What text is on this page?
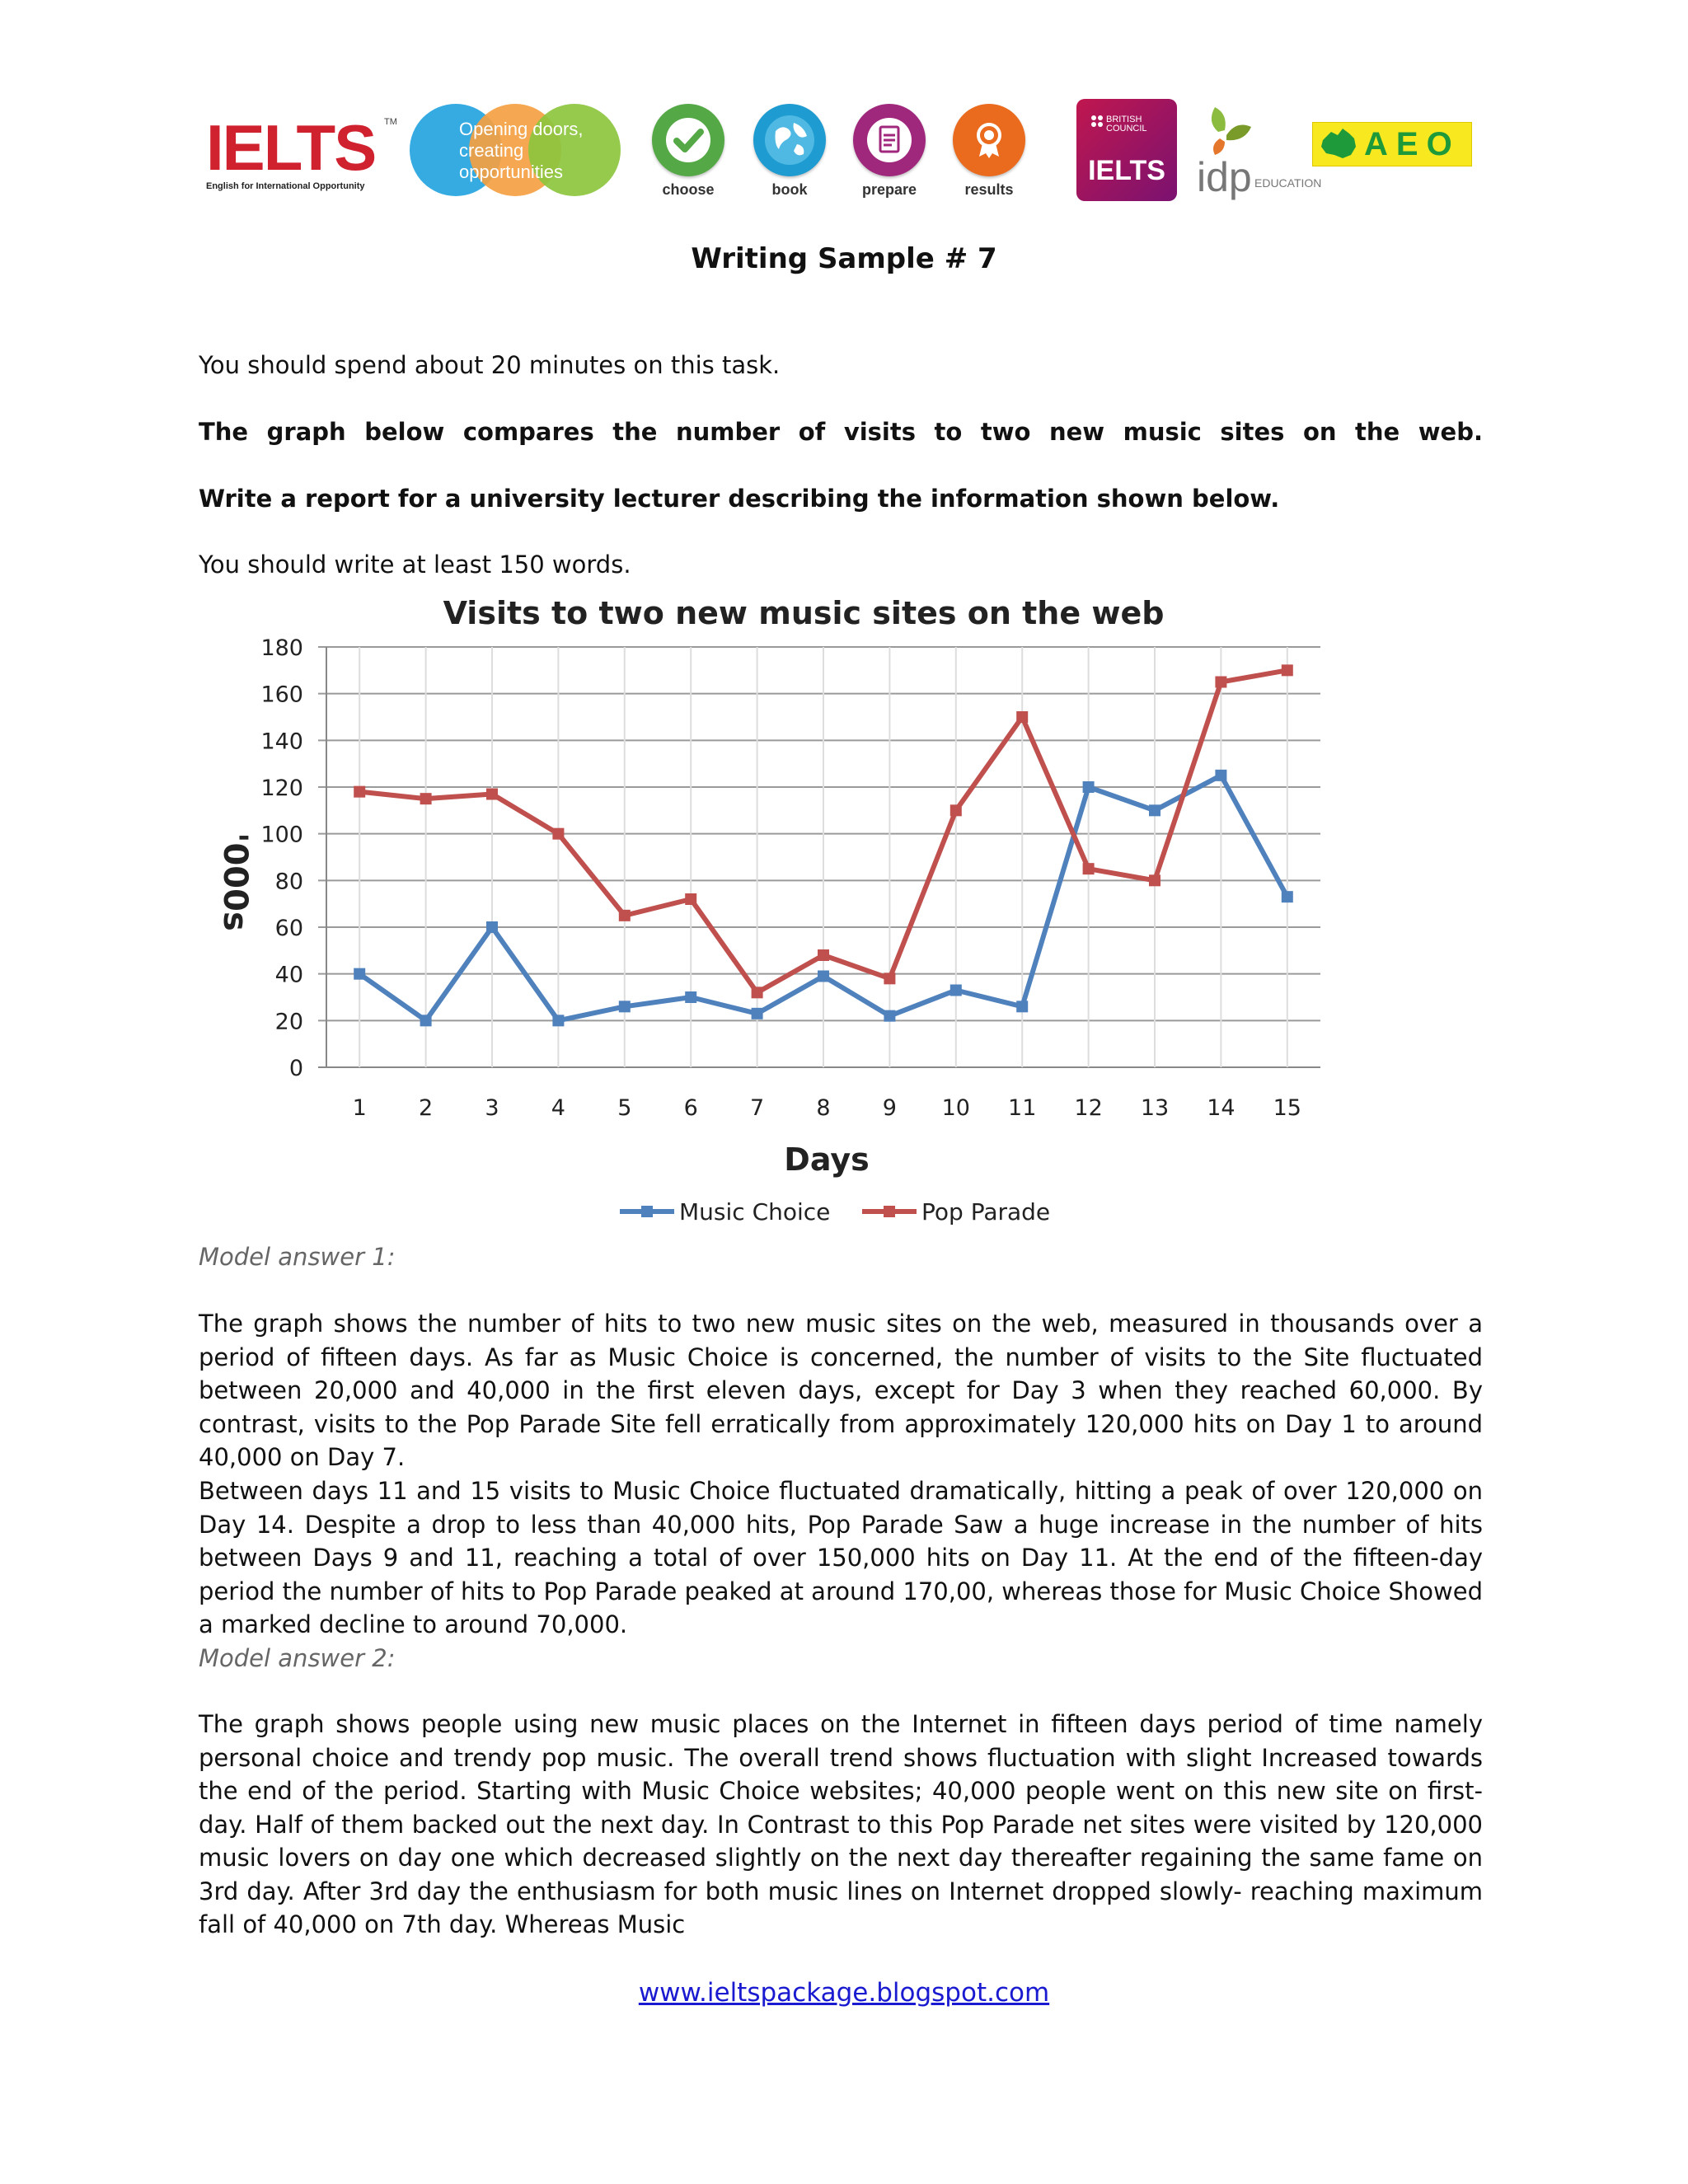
IELTS TM
English for International Opportunity
Opening doors, creating opportunities
choose	book	prepare	results
BRITISH COUNCIL
IELTS idp EDUCATION
AEO
Writing Sample # 7
You should spend about 20 minutes on this task.
The graph below compares the number of visits to two new music sites on the web.
Write a report for a university lecturer describing the information shown below.
You should write at least 150 words.
Visits to two new music sites on the web
0
20
40
60
80
100
120
140
160
180
1 2 3 4 5 6 7 8 9 10 11 12 13 14 15
'000s
Days
Music Choice	Pop Parade
Model answer 1:
The graph shows the number of hits to two new music sites on the web, measured in thousands over a period of fifteen days. As far as Music Choice is concerned, the number of visits to the Site fluctuated between 20,000 and 40,000 in the first eleven days, except for Day 3 when they reached 60,000. By contrast, visits to the Pop Parade Site fell erratically from approximately 120,000 hits on Day 1 to around 40,000 on Day 7.
Between days 11 and 15 visits to Music Choice fluctuated dramatically, hitting a peak of over 120,000 on Day 14. Despite a drop to less than 40,000 hits, Pop Parade Saw a huge increase in the number of hits between Days 9 and 11, reaching a total of over 150,000 hits on Day 11. At the end of the fifteen-day period the number of hits to Pop Parade peaked at around 170,00, whereas those for Music Choice Showed a marked decline to around 70,000.
Model answer 2:
The graph shows people using new music places on the Internet in fifteen days period of time namely personal choice and trendy pop music. The overall trend shows fluctuation with slight Increased towards the end of the period. Starting with Music Choice websites; 40,000 people went on this new site on first-day. Half of them backed out the next day. In Contrast to this Pop Parade net sites were visited by 120,000 music lovers on day one which decreased slightly on the next day thereafter regaining the same fame on 3rd day. After 3rd day the enthusiasm for both music lines on Internet dropped slowly- reaching maximum fall of 40,000 on 7th day. Whereas Music
www.ieltspackage.blogspot.com
